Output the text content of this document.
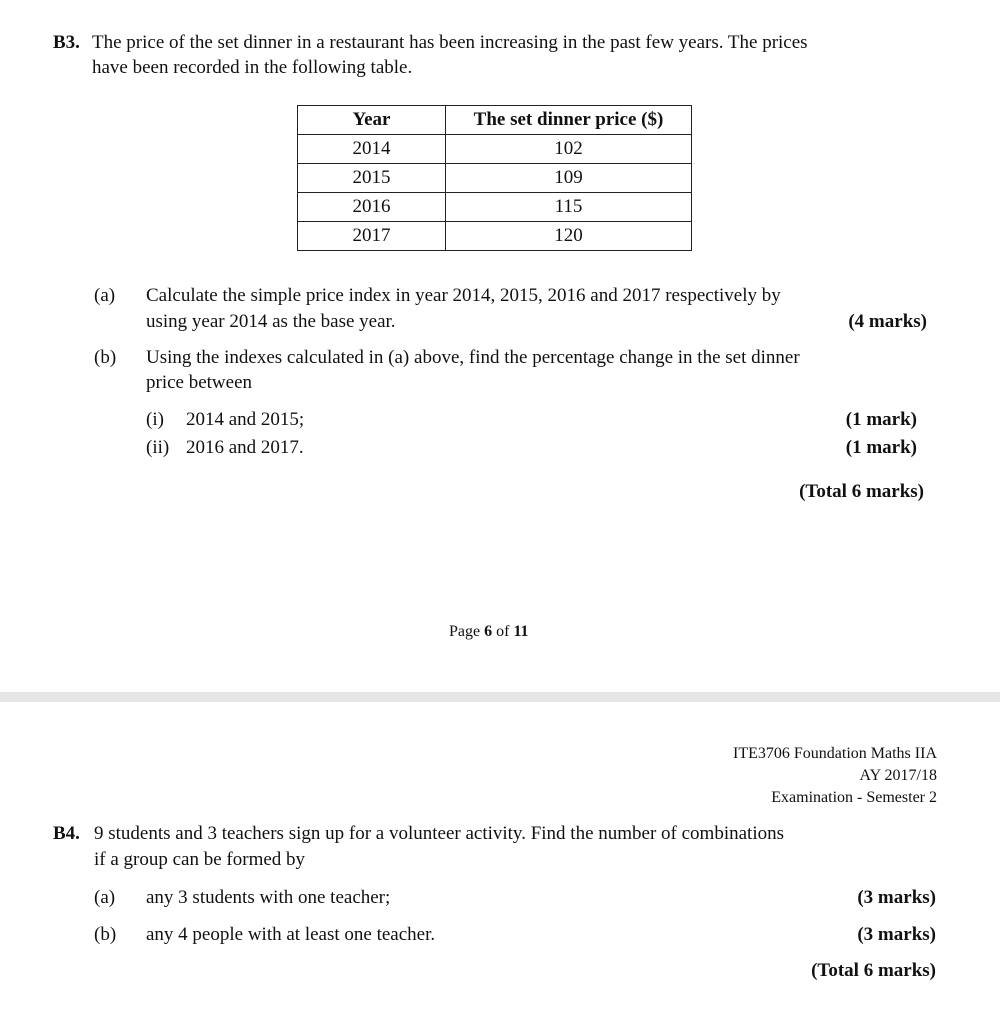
B3. The price of the set dinner in a restaurant has been increasing in the past few years. The prices
have been recorded in the following table.
Year	The set dinner price ($)
2014	102
2015	109
2016	115
2017	120
(a) Calculate the simple price index in year 2014, 2015, 2016 and 2017 respectively by
using year 2014 as the base year.	(4 marks)
(b) Using the indexes calculated in (a) above, find the percentage change in the set dinner
price between
(i) 2014 and 2015;	(1 mark)
(ii) 2016 and 2017.	(1 mark)
(Total 6 marks)
Page 6 of 11
ITE3706 Foundation Maths IIA
AY 2017/18
Examination - Semester 2
B4. 9 students and 3 teachers sign up for a volunteer activity. Find the number of combinations
if a group can be formed by
(a) any 3 students with one teacher;	(3 marks)
(b) any 4 people with at least one teacher.	(3 marks)
(Total 6 marks)
